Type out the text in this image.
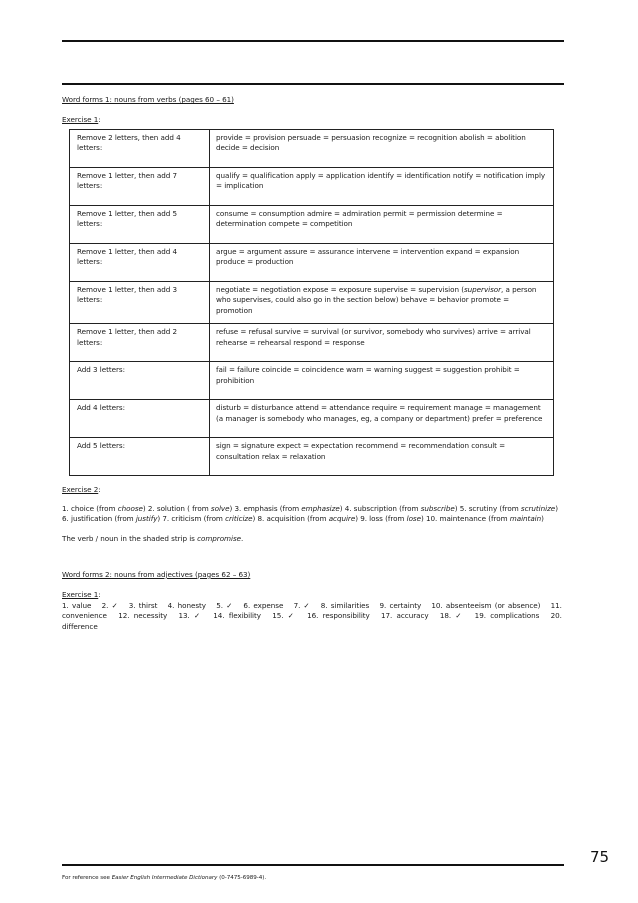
Word forms 1: nouns from verbs (pages 60 – 61)

Exercise 1:

Remove 2 letters, then add 4 letters:	provide = provision persuade = persuasion recognize = recognition abolish = abolition decide = decision
Remove 1 letter, then add 7 letters:	qualify = qualification apply = application identify = identification notify = notification imply = implication
Remove 1 letter, then add 5 letters:	consume = consumption admire = admiration permit = permission determine = determination compete = competition
Remove 1 letter, then add 4 letters:	argue = argument assure = assurance intervene = intervention expand = expansion produce = production
Remove 1 letter, then add 3 letters:	negotiate = negotiation expose = exposure supervise = supervision (supervisor, a person who supervises, could also go in the section below) behave = behavior promote = promotion
Remove 1 letter, then add 2 letters:	refuse = refusal survive = survival (or survivor, somebody who survives) arrive = arrival rehearse = rehearsal respond = response
Add 3 letters:	fail = failure coincide = coincidence warn = warning suggest = suggestion prohibit = prohibition
Add 4 letters:	disturb = disturbance attend = attendance require = requirement manage = management (a manager is somebody who manages, eg, a company or department) prefer = preference
Add 5 letters:	sign = signature expect = expectation recommend = recommendation consult = consultation relax = relaxation

Exercise 2:

1. choice (from choose) 2. solution ( from solve) 3. emphasis (from emphasize) 4. subscription (from subscribe) 5. scrutiny (from scrutinize) 6. justification (from justify) 7. criticism (from criticize) 8. acquisition (from acquire) 9. loss (from lose) 10. maintenance (from maintain)

The verb / noun in the shaded strip is compromise.

Word forms 2: nouns from adjectives (pages 62 – 63)

Exercise 1:

1. value 2. ✓ 3. thirst 4. honesty 5. ✓ 6. expense 7. ✓ 8. similarities 9. certainty 10. absenteeism (or absence) 11. convenience 12. necessity 13. ✓ 14. flexibility 15. ✓ 16. responsibility 17. accuracy 18. ✓ 19. complications 20. difference

75
For reference see Easier English Intermediate Dictionary (0-7475-6989-4).
